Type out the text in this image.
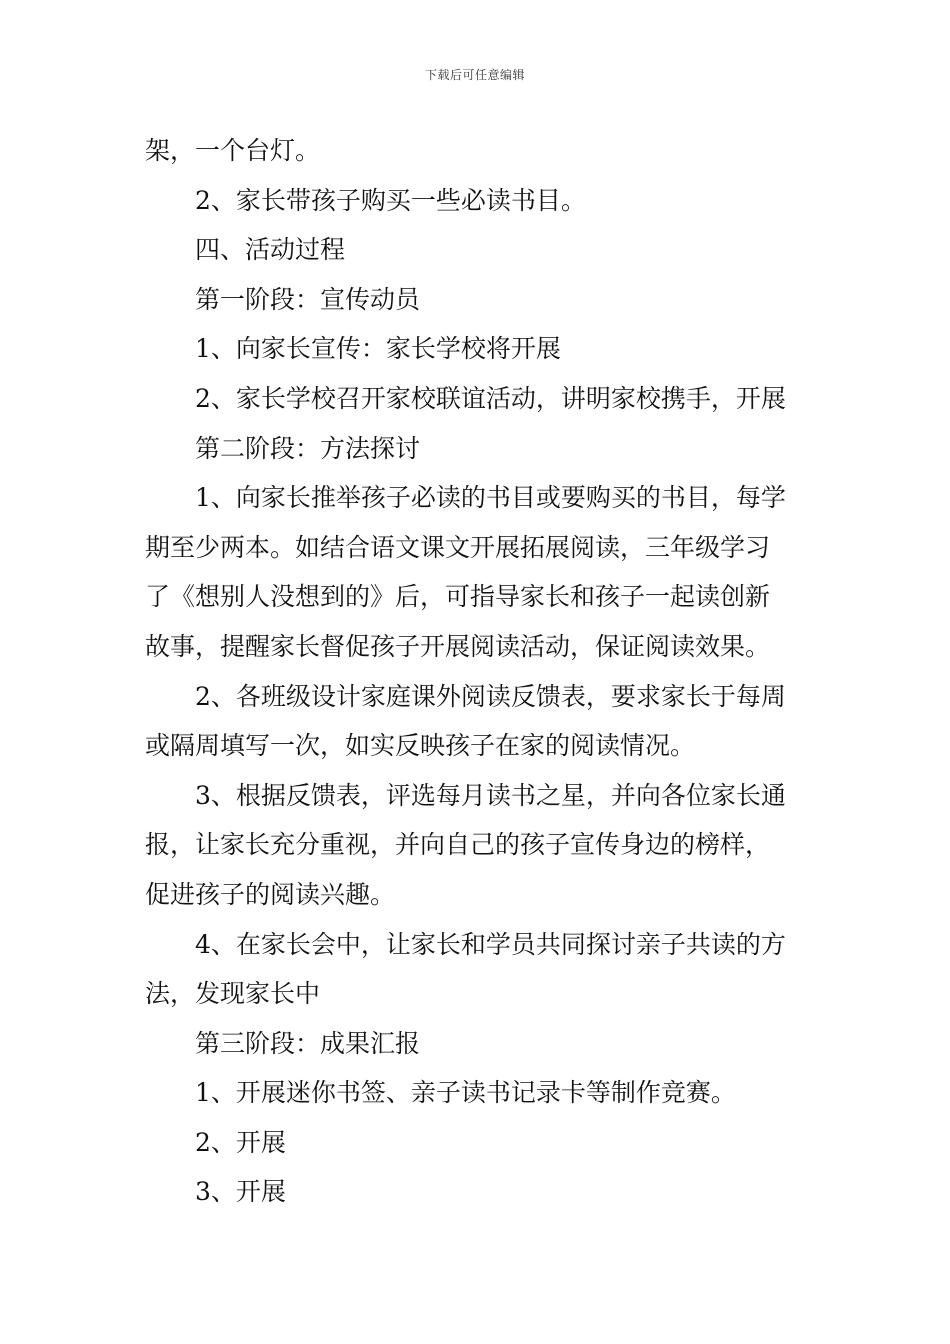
下载后可任意编辑
架，一个台灯。
2、家长带孩子购买一些必读书目。
四、活动过程
第一阶段：宣传动员
1、向家长宣传：家长学校将开展
2、家长学校召开家校联谊活动，讲明家校携手，开展
第二阶段：方法探讨
1、向家长推举孩子必读的书目或要购买的书目，每学
期至少两本。如结合语文课文开展拓展阅读，三年级学习
了《想别人没想到的》后，可指导家长和孩子一起读创新
故事，提醒家长督促孩子开展阅读活动，保证阅读效果。
2、各班级设计家庭课外阅读反馈表，要求家长于每周
或隔周填写一次，如实反映孩子在家的阅读情况。
3、根据反馈表，评选每月读书之星，并向各位家长通
报，让家长充分重视，并向自己的孩子宣传身边的榜样，
促进孩子的阅读兴趣。
4、在家长会中，让家长和学员共同探讨亲子共读的方
法，发现家长中
第三阶段：成果汇报
1、开展迷你书签、亲子读书记录卡等制作竞赛。
2、开展
3、开展
